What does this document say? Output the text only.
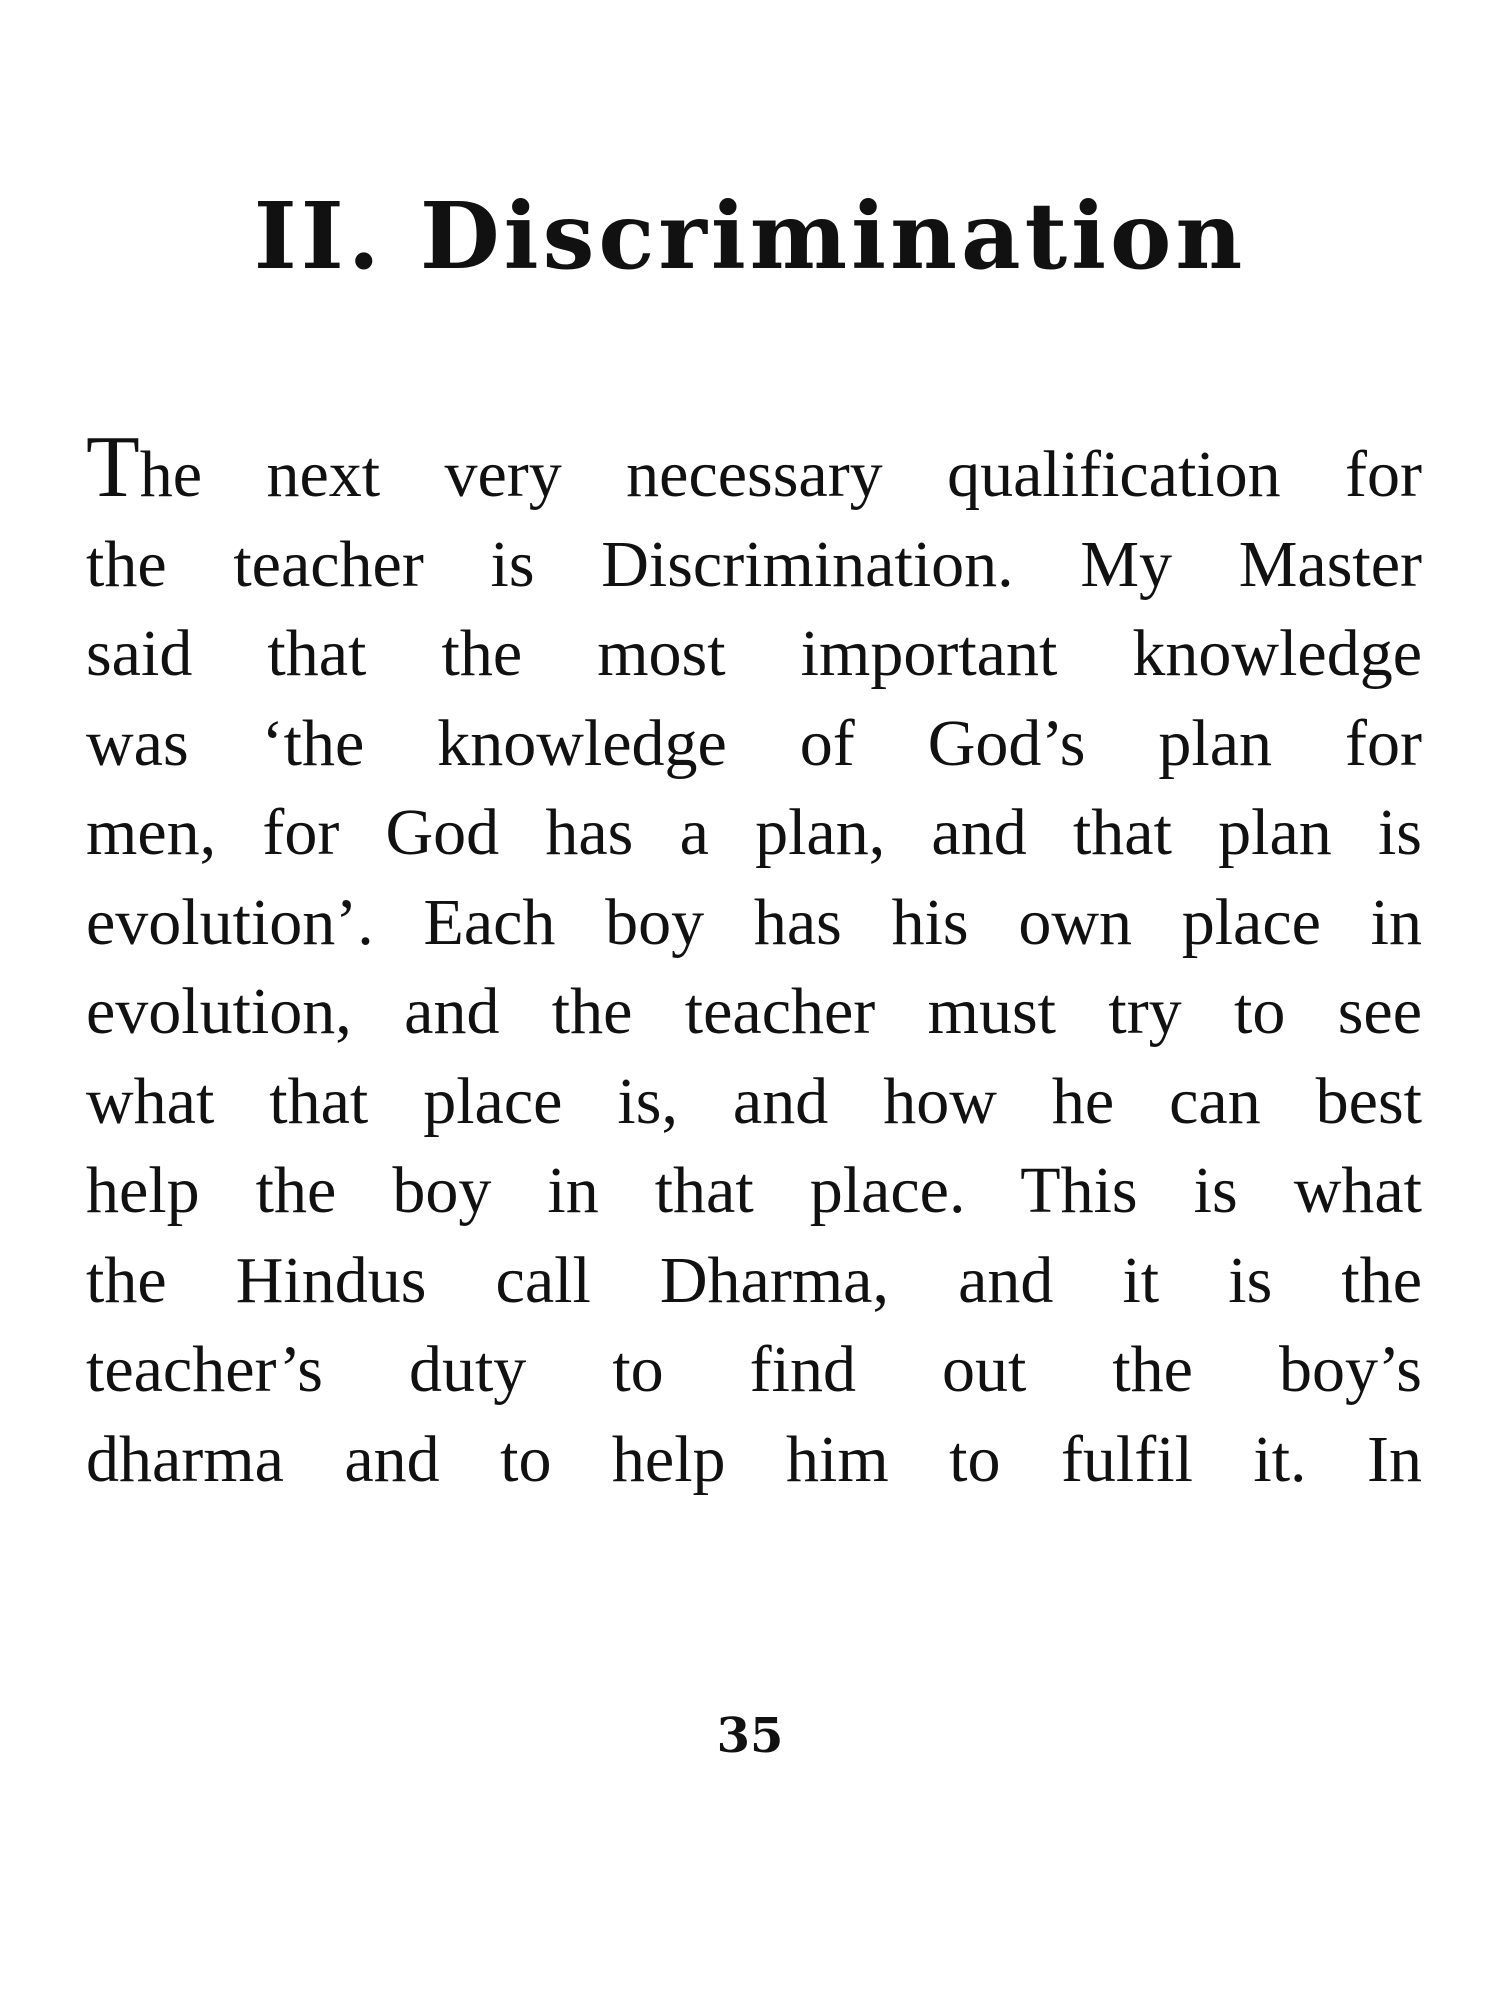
II. Discrimination
The next very necessary qualification for
the teacher is Discrimination. My Master
said that the most important knowledge
was ‘the knowledge of God’s plan for
men, for God has a plan, and that plan is
evolution’. Each boy has his own place in
evolution, and the teacher must try to see
what that place is, and how he can best
help the boy in that place. This is what
the Hindus call Dharma, and it is the
teacher’s duty to find out the boy’s
dharma and to help him to fulfil it. In
35
